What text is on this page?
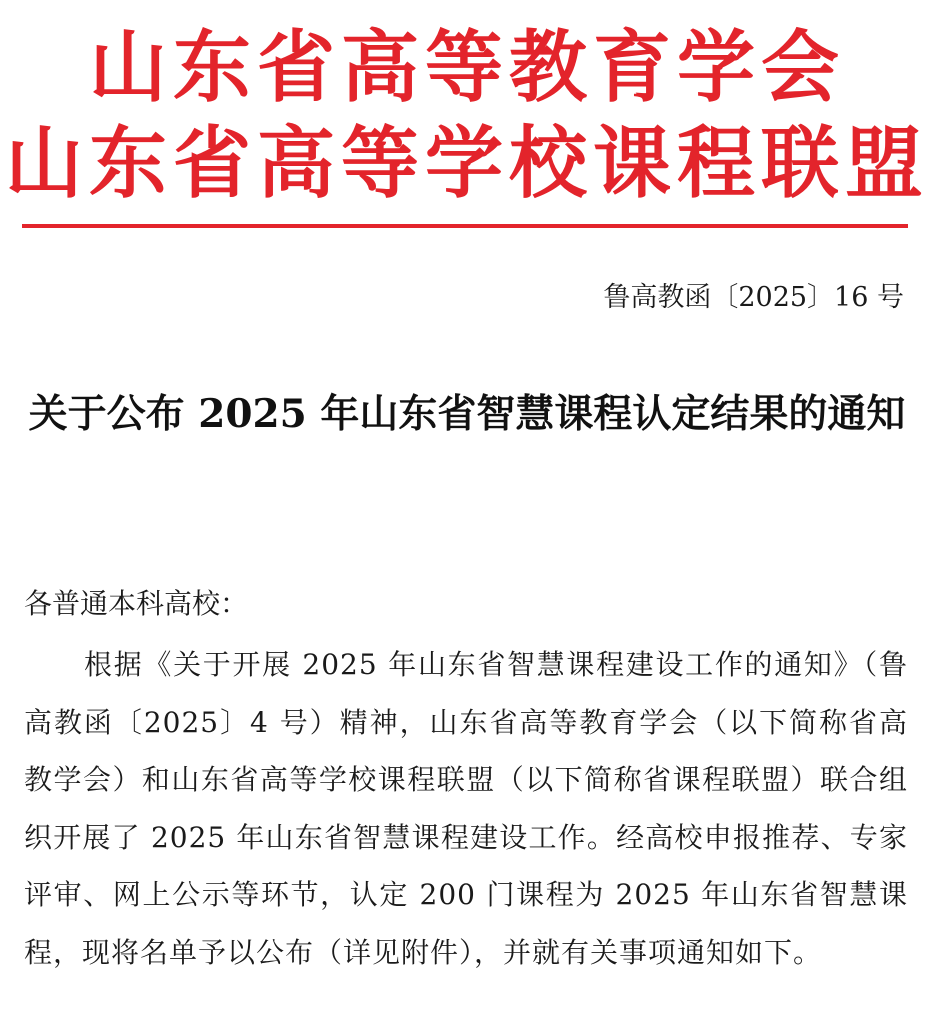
山东省高等教育学会
山东省高等学校课程联盟
鲁高教函〔2025〕16 号
关于公布 2025 年山东省智慧课程认定结果的通知
各普通本科高校：
根据《关于开展 2025 年山东省智慧课程建设工作的通知》（鲁高教函〔2025〕4 号）精神，山东省高等教育学会（以下简称省高教学会）和山东省高等学校课程联盟（以下简称省课程联盟）联合组织开展了 2025 年山东省智慧课程建设工作。经高校申报推荐、专家评审、网上公示等环节，认定 200 门课程为 2025 年山东省智慧课程，现将名单予以公布（详见附件），并就有关事项通知如下。
